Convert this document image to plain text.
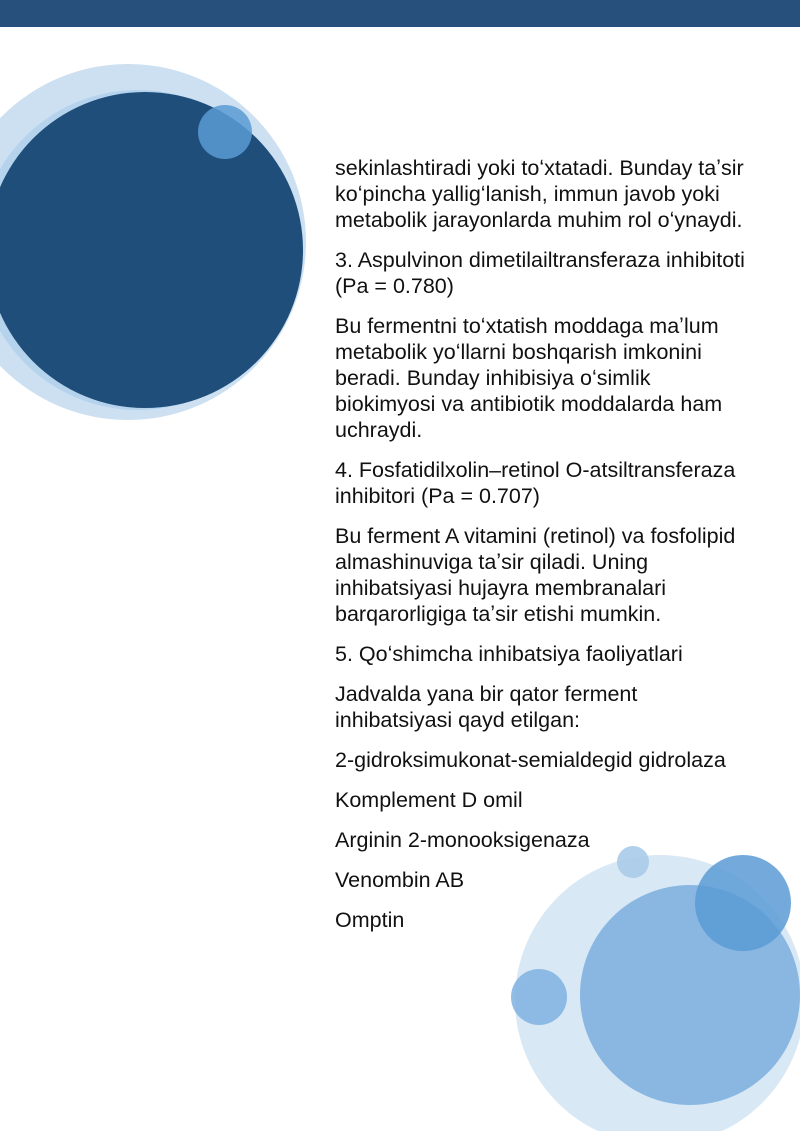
sekinlashtiradi yoki toʻxtatadi. Bunday taʼsir koʻpincha yalligʻlanish, immun javob yoki metabolik jarayonlarda muhim rol oʻynaydi.

3. Aspulvinon dimetilailtransferaza inhibitoti (Pa = 0.780)

Bu fermentni toʻxtatish moddaga maʼlum metabolik yoʻllarni boshqarish imkonini beradi. Bunday inhibisiya oʻsimlik biokimyosi va antibiotik moddalarda ham uchraydi.

4. Fosfatidilxolin–retinol O-atsiltransferaza inhibitori (Pa = 0.707)

Bu ferment A vitamini (retinol) va fosfolipid almashinuviga taʼsir qiladi. Uning inhibatsiyasi hujayra membranalari barqarorligiga taʼsir etishi mumkin.

5. Qoʻshimcha inhibatsiya faoliyatlari

Jadvalda yana bir qator ferment inhibatsiyasi qayd etilgan:

2-gidroksimukonat-semialdegid gidrolaza

Komplement D omil

Arginin 2-monooksigenaza

Venombin AB

Omptin
